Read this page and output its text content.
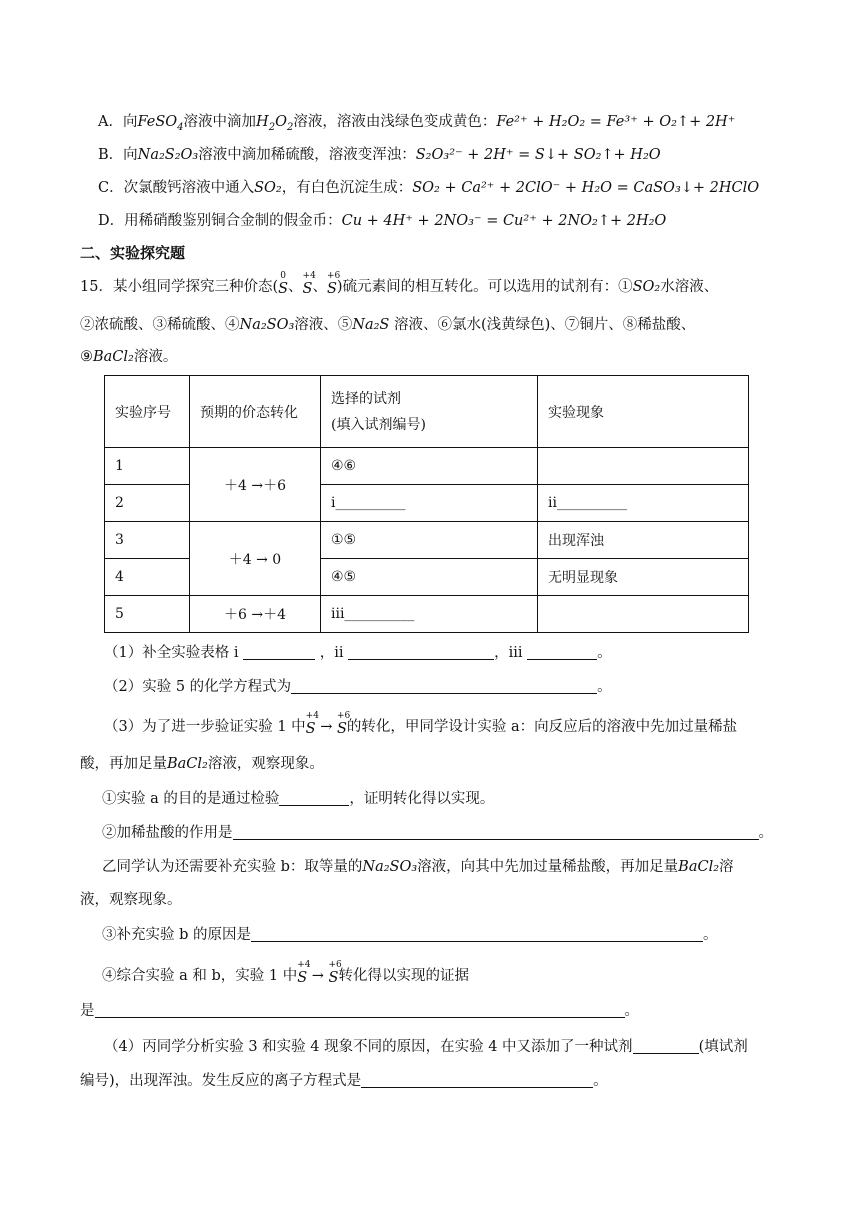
A．向FeSO$_4$溶液中滴加$H_2O_2$溶液，溶液由浅绿色变成黄色：Fe²⁺ + H₂O₂ = Fe³⁺ + O₂↑+ 2H⁺
B．向Na₂S₂O₃溶液中滴加稀硫酸，溶液变浑浊：S₂O₃²⁻ + 2H⁺ = S↓+ SO₂↑+ H₂O
C．次氯酸钙溶液中通入SO₂，有白色沉淀生成：SO₂ + Ca²⁺ + 2ClO⁻ + H₂O = CaSO₃↓+ 2HClO
D．用稀硝酸鉴别铜合金制的假金币：Cu + 4H⁺ + 2NO₃⁻ = Cu²⁺ + 2NO₂↑+ 2H₂O
二、实验探究题
15．某小组同学探究三种价态(
0
S、
+4
S、
+6
S)硫元素间的相互转化。可以选用的试剂有：①SO₂水溶液、
②浓硫酸、③稀硫酸、④Na₂SO₃溶液、⑤Na₂S 溶液、⑥氯水(浅黄绿色)、⑦铜片、⑧稀盐酸、
⑨BaCl₂溶液。
实验序号	预期的价态转化	选择的试剂
(填入试剂编号)	实验现象
1	＋4 →＋6	④⑥	
2		i__________	ii__________
3	＋4 → 0	①⑤	出现浑浊
4		④⑤	无明显现象
5	＋6 →＋4	iii__________	
（1）补全实验表格 i	，ii	，iii	。
（2）实验 5 的化学方程式为	。
（3）为了进一步验证实验 1 中
+4
S →
+6
S的转化，甲同学设计实验 a：向反应后的溶液中先加过量稀盐
酸，再加足量BaCl₂溶液，观察现象。
①实验 a 的目的是通过检验	，证明转化得以实现。
②加稀盐酸的作用是	。
乙同学认为还需要补充实验 b：取等量的Na₂SO₃溶液，向其中先加过量稀盐酸，再加足量BaCl₂溶
液，观察现象。
③补充实验 b 的原因是	。
④综合实验 a 和 b，实验 1 中
+4
S →
+6
S转化得以实现的证据
是	。
（4）丙同学分析实验 3 和实验 4 现象不同的原因，在实验 4 中又添加了一种试剂	(填试剂
编号)，出现浑浊。发生反应的离子方程式是	。
